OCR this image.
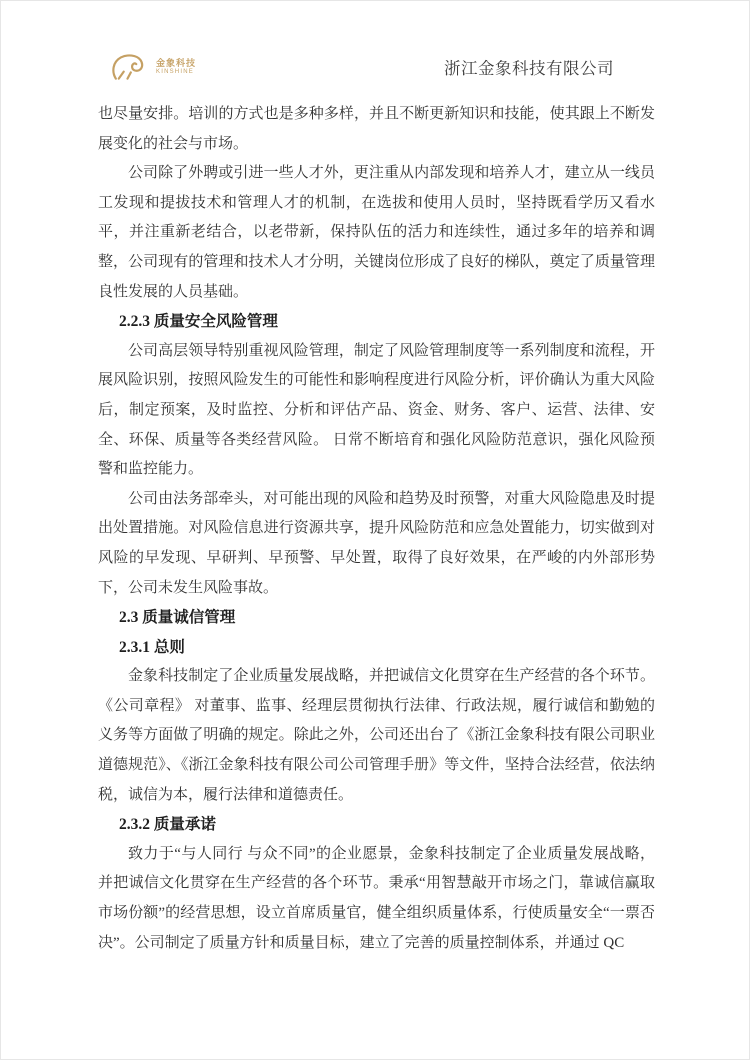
金象科技
KINSHINE	浙江金象科技有限公司

也尽量安排。培训的方式也是多种多样，并且不断更新知识和技能，使其跟上不断发展变化的社会与市场。

公司除了外聘或引进一些人才外，更注重从内部发现和培养人才，建立从一线员工发现和提拔技术和管理人才的机制，在选拔和使用人员时，坚持既看学历又看水平，并注重新老结合，以老带新，保持队伍的活力和连续性，通过多年的培养和调整，公司现有的管理和技术人才分明，关键岗位形成了良好的梯队，奠定了质量管理良性发展的人员基础。

2.2.3 质量安全风险管理

公司高层领导特别重视风险管理，制定了风险管理制度等一系列制度和流程，开展风险识别，按照风险发生的可能性和影响程度进行风险分析，评价确认为重大风险后，制定预案，及时监控、分析和评估产品、资金、财务、客户、运营、法律、安全、环保、质量等各类经营风险。 日常不断培育和强化风险防范意识，强化风险预警和监控能力。

公司由法务部牵头，对可能出现的风险和趋势及时预警，对重大风险隐患及时提出处置措施。对风险信息进行资源共享，提升风险防范和应急处置能力，切实做到对风险的早发现、早研判、早预警、早处置，取得了良好效果，在严峻的内外部形势下，公司未发生风险事故。

2.3 质量诚信管理
2.3.1 总则

金象科技制定了企业质量发展战略，并把诚信文化贯穿在生产经营的各个环节。《公司章程》 对董事、监事、经理层贯彻执行法律、行政法规，履行诚信和勤勉的义务等方面做了明确的规定。除此之外，公司还出台了《浙江金象科技有限公司职业道德规范》、《浙江金象科技有限公司公司管理手册》等文件，坚持合法经营，依法纳税，诚信为本，履行法律和道德责任。

2.3.2 质量承诺

致力于“与人同行 与众不同”的企业愿景，金象科技制定了企业质量发展战略，并把诚信文化贯穿在生产经营的各个环节。秉承“用智慧敲开市场之门，靠诚信赢取市场份额”的经营思想，设立首席质量官，健全组织质量体系，行使质量安全“一票否决”。公司制定了质量方针和质量目标，建立了完善的质量控制体系，并通过 QC
